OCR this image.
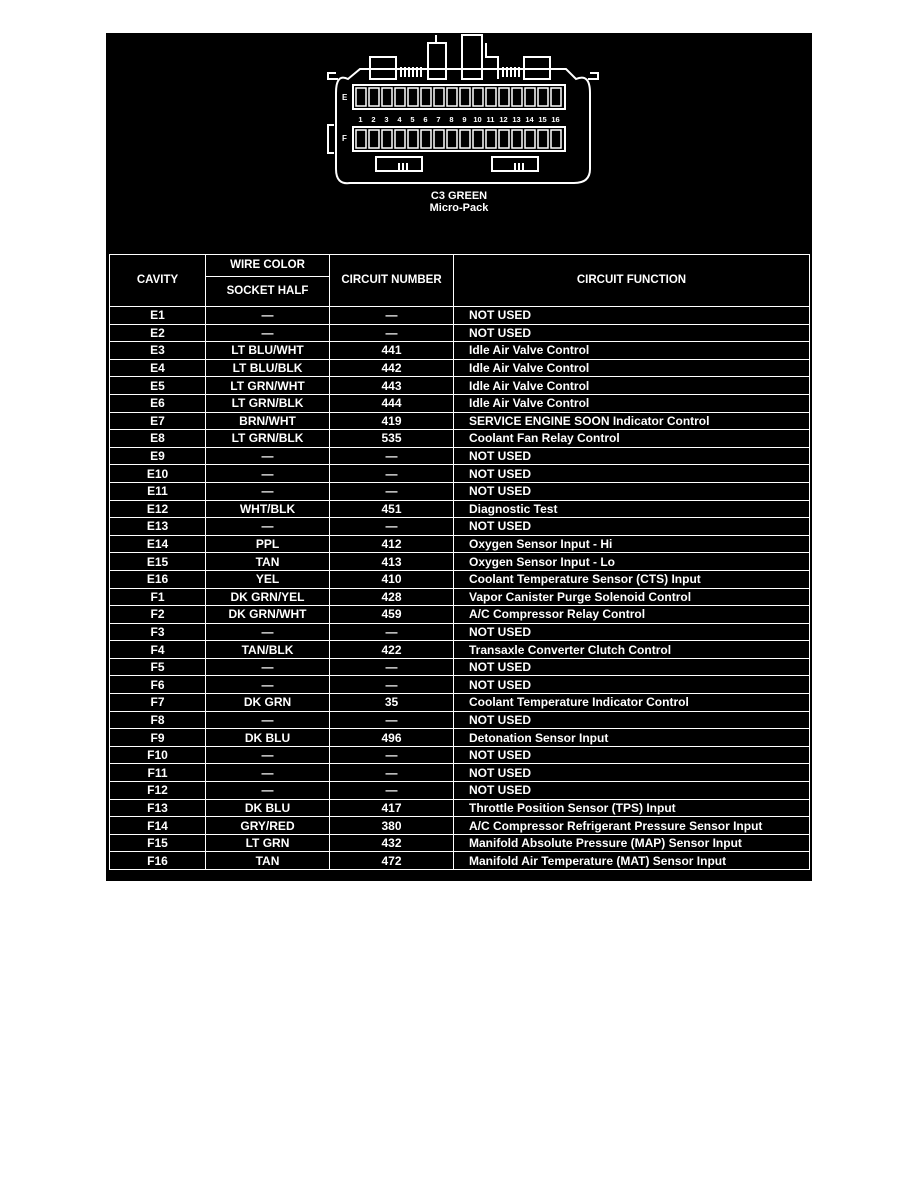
E
F
1	2	3	4	5	6	7	8	9 10 11 12 13 14 15 16
C3 GREEN
Micro-Pack
CAVITY	WIRE COLOR	CIRCUIT NUMBER	CIRCUIT FUNCTION
	SOCKET HALF		
E1	—	—	NOT USED
E2	—	—	NOT USED
E3	LT BLU/WHT	441	Idle Air Valve Control
E4	LT BLU/BLK	442	Idle Air Valve Control
E5	LT GRN/WHT	443	Idle Air Valve Control
E6	LT GRN/BLK	444	Idle Air Valve Control
E7	BRN/WHT	419	SERVICE ENGINE SOON Indicator Control
E8	LT GRN/BLK	535	Coolant Fan Relay Control
E9	—	—	NOT USED
E10	—	—	NOT USED
E11	—	—	NOT USED
E12	WHT/BLK	451	Diagnostic Test
E13	—	—	NOT USED
E14	PPL	412	Oxygen Sensor Input - Hi
E15	TAN	413	Oxygen Sensor Input - Lo
E16	YEL	410	Coolant Temperature Sensor (CTS) Input
F1	DK GRN/YEL	428	Vapor Canister Purge Solenoid Control
F2	DK GRN/WHT	459	A/C Compressor Relay Control
F3	—	—	NOT USED
F4	TAN/BLK	422	Transaxle Converter Clutch Control
F5	—	—	NOT USED
F6	—	—	NOT USED
F7	DK GRN	35	Coolant Temperature Indicator Control
F8	—	—	NOT USED
F9	DK BLU	496	Detonation Sensor Input
F10	—	—	NOT USED
F11	—	—	NOT USED
F12	—	—	NOT USED
F13	DK BLU	417	Throttle Position Sensor (TPS) Input
F14	GRY/RED	380	A/C Compressor Refrigerant Pressure Sensor Input
F15	LT GRN	432	Manifold Absolute Pressure (MAP) Sensor Input
F16	TAN	472	Manifold Air Temperature (MAT) Sensor Input
